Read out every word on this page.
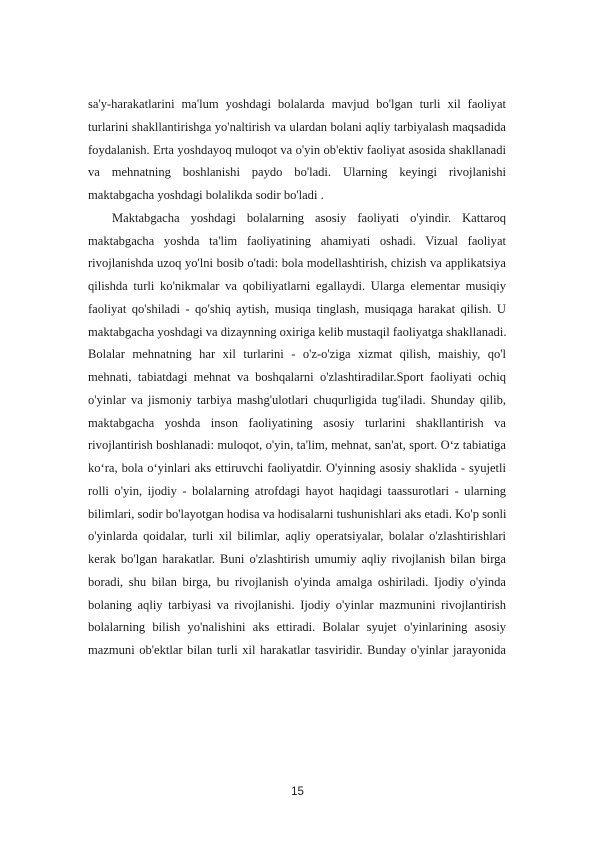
sa'y-harakatlarini ma'lum yoshdagi bolalarda mavjud bo'lgan turli xil faoliyat
turlarini shakllantirishga yo'naltirish va ulardan bolani aqliy tarbiyalash maqsadida
foydalanish. Erta yoshdayoq muloqot va o'yin ob'ektiv faoliyat asosida shakllanadi
va mehnatning boshlanishi paydo bo'ladi. Ularning keyingi rivojlanishi
maktabgacha yoshdagi bolalikda sodir bo'ladi .
Maktabgacha yoshdagi bolalarning asosiy faoliyati o'yindir. Kattaroq
maktabgacha yoshda ta'lim faoliyatining ahamiyati oshadi. Vizual faoliyat
rivojlanishda uzoq yo'lni bosib o'tadi: bola modellashtirish, chizish va applikatsiya
qilishda turli ko'nikmalar va qobiliyatlarni egallaydi. Ularga elementar musiqiy
faoliyat qo'shiladi - qo'shiq aytish, musiqa tinglash, musiqaga harakat qilish. U
maktabgacha yoshdagi va dizaynning oxiriga kelib mustaqil faoliyatga shakllanadi.
Bolalar mehnatning har xil turlarini - o'z-o'ziga xizmat qilish, maishiy, qo'l
mehnati, tabiatdagi mehnat va boshqalarni o'zlashtiradilar.Sport faoliyati ochiq
o'yinlar va jismoniy tarbiya mashg'ulotlari chuqurligida tug'iladi. Shunday qilib,
maktabgacha yoshda inson faoliyatining asosiy turlarini shakllantirish va
rivojlantirish boshlanadi: muloqot, o'yin, ta'lim, mehnat, san'at, sport. O‘z tabiatiga
ko‘ra, bola o‘yinlari aks ettiruvchi faoliyatdir. O'yinning asosiy shaklida - syujetli
rolli o'yin, ijodiy - bolalarning atrofdagi hayot haqidagi taassurotlari - ularning
bilimlari, sodir bo'layotgan hodisa va hodisalarni tushunishlari aks etadi. Ko'p sonli
o'yinlarda qoidalar, turli xil bilimlar, aqliy operatsiyalar, bolalar o'zlashtirishlari
kerak bo'lgan harakatlar. Buni o'zlashtirish umumiy aqliy rivojlanish bilan birga
boradi, shu bilan birga, bu rivojlanish o'yinda amalga oshiriladi. Ijodiy o'yinda
bolaning aqliy tarbiyasi va rivojlanishi. Ijodiy o'yinlar mazmunini rivojlantirish
bolalarning bilish yo'nalishini aks ettiradi. Bolalar syujet o'yinlarining asosiy
mazmuni ob'ektlar bilan turli xil harakatlar tasviridir. Bunday o'yinlar jarayonida
15
